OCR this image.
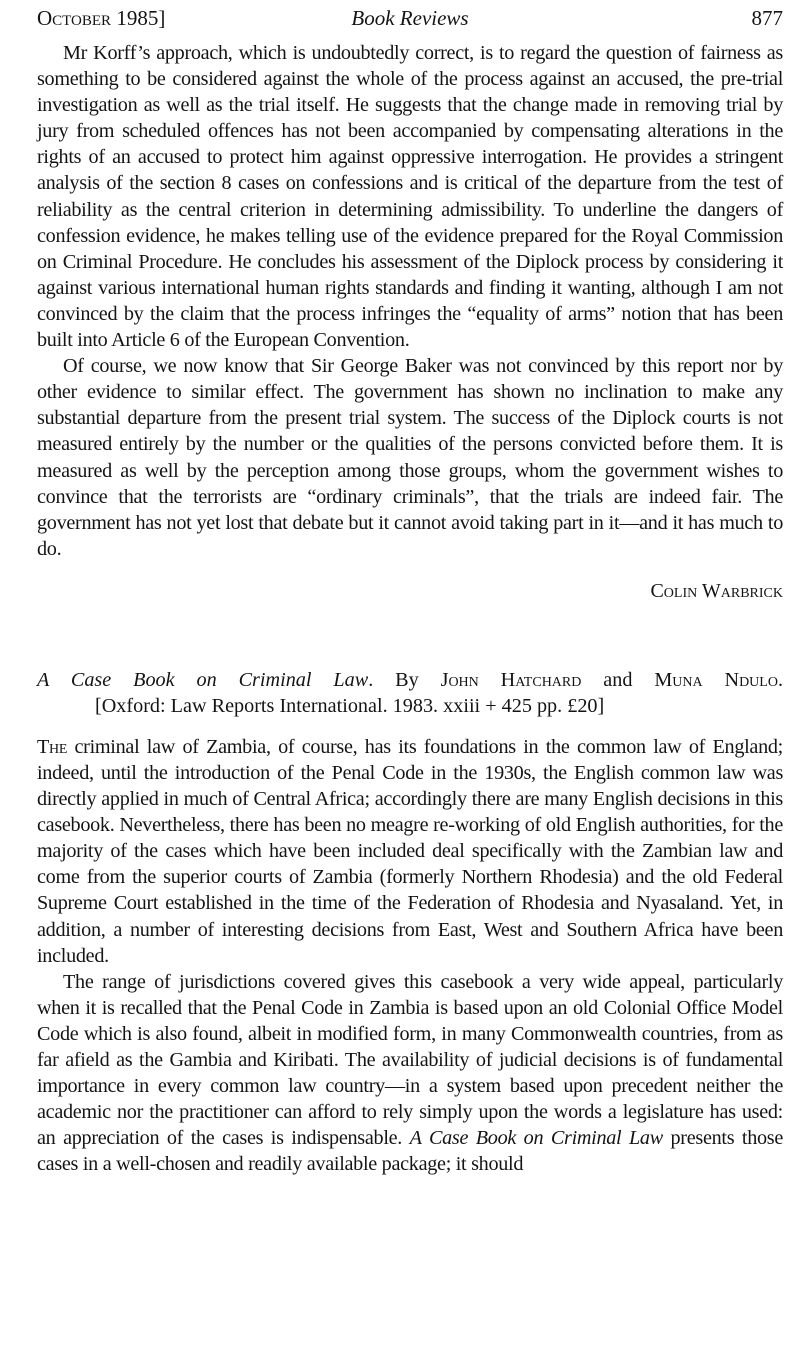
October 1985]	Book Reviews	877

Mr Korff’s approach, which is undoubtedly correct, is to regard the question of fairness as something to be considered against the whole of the process against an accused, the pre-trial investigation as well as the trial itself. He suggests that the change made in removing trial by jury from scheduled offences has not been accompanied by compensating alterations in the rights of an accused to protect him against oppressive interrogation. He provides a stringent analysis of the section 8 cases on confessions and is critical of the departure from the test of reliability as the central criterion in determining admissibility. To underline the dangers of confession evidence, he makes telling use of the evidence prepared for the Royal Commission on Criminal Procedure. He concludes his assessment of the Diplock process by considering it against various international human rights standards and finding it wanting, although I am not convinced by the claim that the process infringes the “equality of arms” notion that has been built into Article 6 of the European Convention.

Of course, we now know that Sir George Baker was not convinced by this report nor by other evidence to similar effect. The government has shown no inclination to make any substantial departure from the present trial system. The success of the Diplock courts is not measured entirely by the number or the qualities of the persons convicted before them. It is measured as well by the perception among those groups, whom the government wishes to convince that the terrorists are “ordinary criminals”, that the trials are indeed fair. The government has not yet lost that debate but it cannot avoid taking part in it—and it has much to do.

Colin Warbrick
A Case Book on Criminal Law. By John Hatchard and Muna Ndulo.
[Oxford: Law Reports International. 1983. xxiii + 425 pp. £20]

The criminal law of Zambia, of course, has its foundations in the common law of England; indeed, until the introduction of the Penal Code in the 1930s, the English common law was directly applied in much of Central Africa; accordingly there are many English decisions in this casebook. Nevertheless, there has been no meagre re-working of old English authorities, for the majority of the cases which have been included deal specifically with the Zambian law and come from the superior courts of Zambia (formerly Northern Rhodesia) and the old Federal Supreme Court established in the time of the Federation of Rhodesia and Nyasaland. Yet, in addition, a number of interesting decisions from East, West and Southern Africa have been included.

The range of jurisdictions covered gives this casebook a very wide appeal, particularly when it is recalled that the Penal Code in Zambia is based upon an old Colonial Office Model Code which is also found, albeit in modified form, in many Commonwealth countries, from as far afield as the Gambia and Kiribati. The availability of judicial decisions is of fundamental importance in every common law country—in a system based upon precedent neither the academic nor the practitioner can afford to rely simply upon the words a legislature has used: an appreciation of the cases is indispensable. A Case Book on Criminal Law presents those cases in a well-chosen and readily available package; it should
